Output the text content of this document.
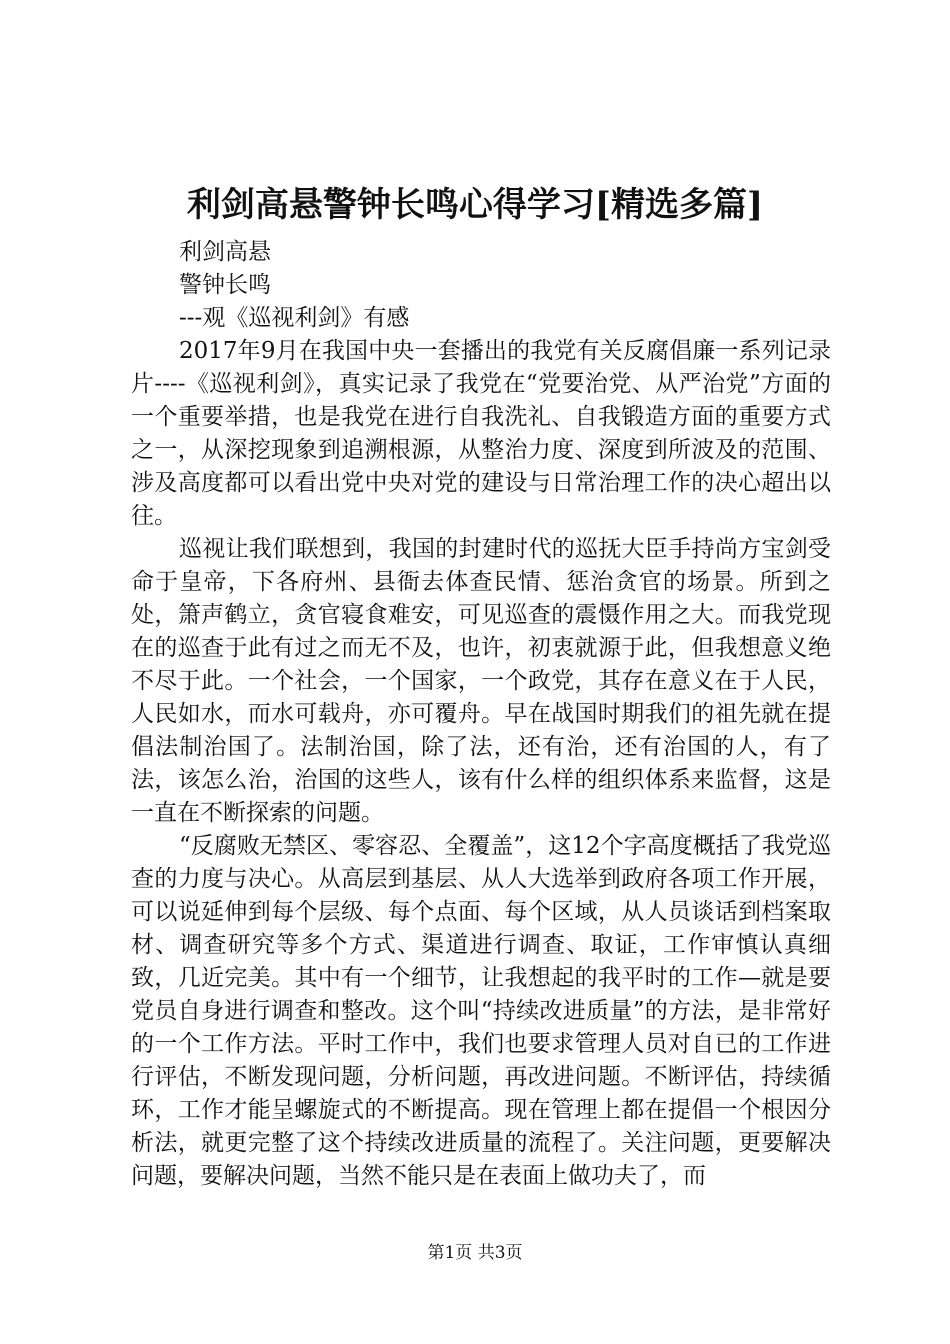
利剑高悬警钟长鸣心得学习[精选多篇]
利剑高悬
警钟长鸣
---观《巡视利剑》有感

2017年9月在我国中央一套播出的我党有关反腐倡廉一系列记录片----《巡视利剑》，真实记录了我党在“党要治党、从严治党”方面的一个重要举措，也是我党在进行自我洗礼、自我锻造方面的重要方式之一，从深挖现象到追溯根源，从整治力度、深度到所波及的范围、涉及高度都可以看出党中央对党的建设与日常治理工作的决心超出以往。

巡视让我们联想到，我国的封建时代的巡抚大臣手持尚方宝剑受命于皇帝，下各府州、县衙去体查民情、惩治贪官的场景。所到之处，箫声鹤立，贪官寝食难安，可见巡查的震慑作用之大。而我党现在的巡查于此有过之而无不及，也许，初衷就源于此，但我想意义绝不尽于此。一个社会，一个国家，一个政党，其存在意义在于人民，人民如水，而水可载舟，亦可覆舟。早在战国时期我们的祖先就在提倡法制治国了。法制治国，除了法，还有治，还有治国的人，有了法，该怎么治，治国的这些人，该有什么样的组织体系来监督，这是一直在不断探索的问题。

“反腐败无禁区、零容忍、全覆盖”，这12个字高度概括了我党巡查的力度与决心。从高层到基层、从人大选举到政府各项工作开展，可以说延伸到每个层级、每个点面、每个区域，从人员谈话到档案取材、调查研究等多个方式、渠道进行调查、取证，工作审慎认真细致，几近完美。其中有一个细节，让我想起的我平时的工作—就是要党员自身进行调查和整改。这个叫“持续改进质量”的方法，是非常好的一个工作方法。平时工作中，我们也要求管理人员对自已的工作进行评估，不断发现问题，分析问题，再改进问题。不断评估，持续循环，工作才能呈螺旋式的不断提高。现在管理上都在提倡一个根因分析法，就更完整了这个持续改进质量的流程了。关注问题，更要解决问题，要解决问题，当然不能只是在表面上做功夫了，而

第1页 共3页
